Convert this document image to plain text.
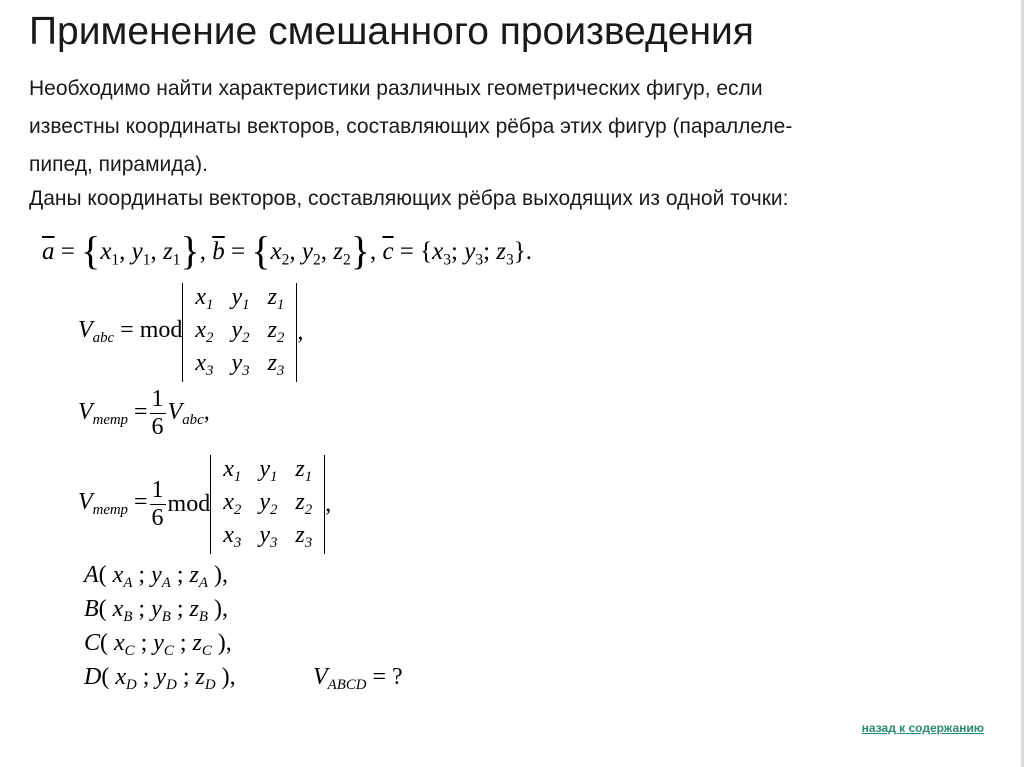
Применение смешанного произведения

Необходимо найти характеристики различных геометрических фигур, если
известны координаты векторов, составляющих рёбра этих фигур (параллеле-
пипед, пирамида).

Даны координаты векторов, составляющих рёбра выходящих из одной точки:

$\overline{a} = \{x_1$, $y_1$, $z_1$}, $\overline{b} = \{x_2$, $y_2$, $z_2$}, $\overline{c} = \{x_3$; $y_3$; $z_3$}.
$V_{abc}$ = mod
$x_1$	$y_1$	$z_1$
$x_2$	$y_2$	$z_2$
$x_3$	$y_3$	$z_3$
,
$V_{тетр} = \frac{1}{6} V_{abc}$,
$V_{тетр} = \frac{1}{6}$ mod
$x_1$	$y_1$	$z_1$
$x_2$	$y_2$	$z_2$
$x_3$	$y_3$	$z_3$
,
A( $x_A$ ; $y_A$ ; $z_A$ ),
B( $x_B$ ; $y_B$ ; $z_B$ ),
C( $x_C$ ; $y_C$ ; $z_C$ ),
D( $x_D$ ; $y_D$ ; $z_D$ ),	$V_{ABCD}$ = ?
назад к содержанию
